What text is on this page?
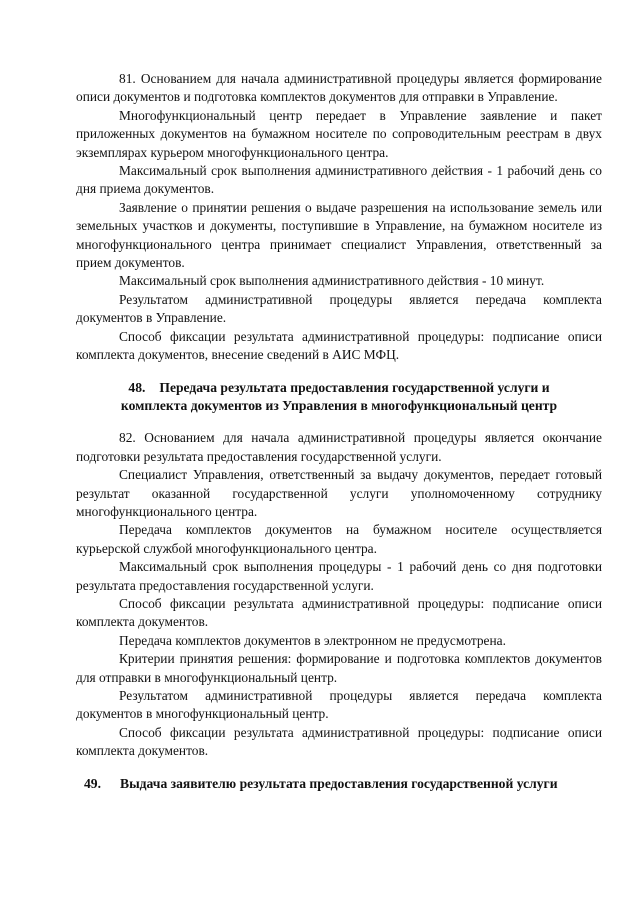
81. Основанием для начала административной процедуры является формирование описи документов и подготовка комплектов документов для отправки в Управление.

Многофункциональный центр передает в Управление заявление и пакет приложенных документов на бумажном носителе по сопроводительным реестрам в двух экземплярах курьером многофункционального центра.

Максимальный срок выполнения административного действия - 1 рабочий день со дня приема документов.

Заявление о принятии решения о выдаче разрешения на использование земель или земельных участков и документы, поступившие в Управление, на бумажном носителе из многофункционального центра принимает специалист Управления, ответственный за прием документов.

Максимальный срок выполнения административного действия - 10 минут.

Результатом административной процедуры является передача комплекта документов в Управление.

Способ фиксации результата административной процедуры: подписание описи комплекта документов, внесение сведений в АИС МФЦ.

48. Передача результата предоставления государственной услуги и

комплекта документов из Управления в многофункциональный центр

82. Основанием для начала административной процедуры является окончание подготовки результата предоставления государственной услуги.

Специалист Управления, ответственный за выдачу документов, передает готовый результат оказанной государственной услуги уполномоченному сотруднику многофункционального центра.

Передача комплектов документов на бумажном носителе осуществляется курьерской службой многофункционального центра.

Максимальный срок выполнения процедуры - 1 рабочий день со дня подготовки результата предоставления государственной услуги.

Способ фиксации результата административной процедуры: подписание описи комплекта документов.

Передача комплектов документов в электронном не предусмотрена.

Критерии принятия решения: формирование и подготовка комплектов документов для отправки в многофункциональный центр.

Результатом административной процедуры является передача комплекта документов в многофункциональный центр.

Способ фиксации результата административной процедуры: подписание описи комплекта документов.

49. Выдача заявителю результата предоставления государственной услуги
